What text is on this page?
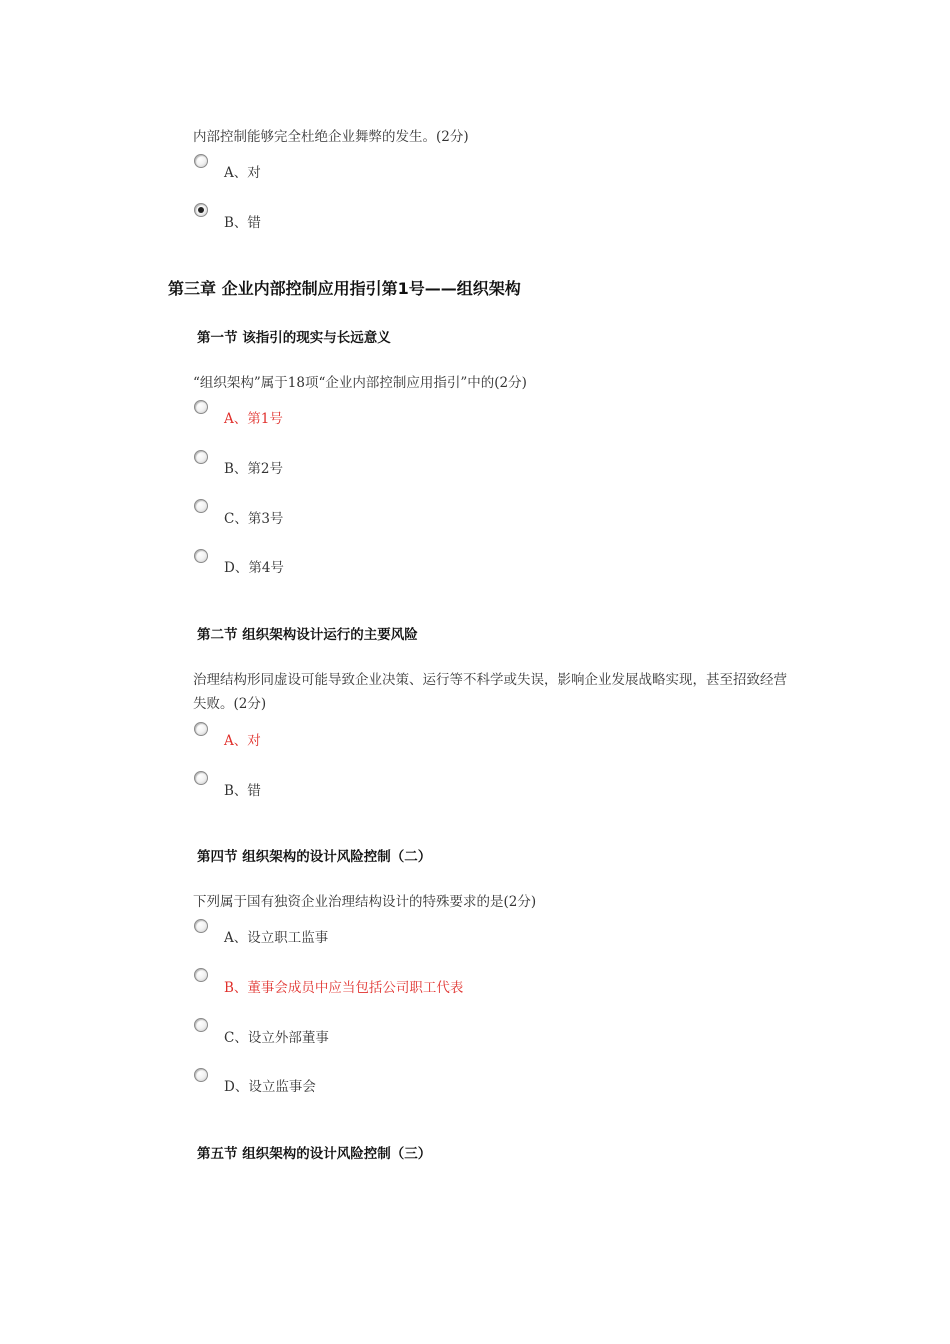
内部控制能够完全杜绝企业舞弊的发生。(2分)
A、对
B、错
第三章 企业内部控制应用指引第1号——组织架构
第一节 该指引的现实与长远意义
“组织架构”属于18项“企业内部控制应用指引”中的(2分)
A、第1号
B、第2号
C、第3号
D、第4号
第二节 组织架构设计运行的主要风险
治理结构形同虚设可能导致企业决策、运行等不科学或失误，影响企业发展战略实现，甚至招致经营失败。(2分)
A、对
B、错
第四节 组织架构的设计风险控制（二）
下列属于国有独资企业治理结构设计的特殊要求的是(2分)
A、设立职工监事
B、董事会成员中应当包括公司职工代表
C、设立外部董事
D、设立监事会
第五节 组织架构的设计风险控制（三）
